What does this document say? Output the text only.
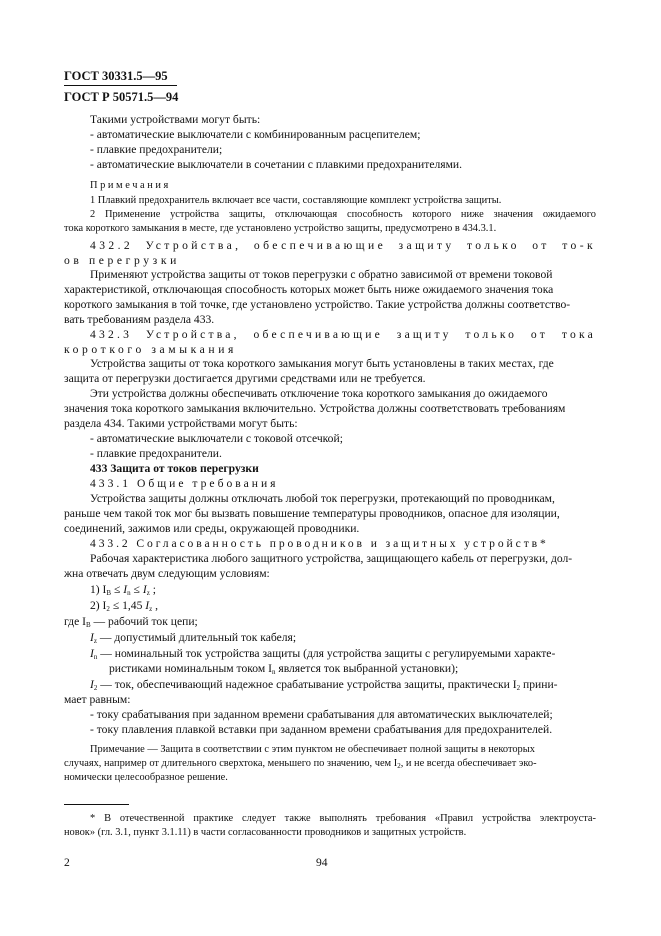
ГОСТ 30331.5—95
ГОСТ Р 50571.5—94
Такими устройствами могут быть:
- автоматические выключатели с комбинированным расцепителем;
- плавкие предохранители;
- автоматические выключатели в сочетании с плавкими предохранителями.
Примечания
1 Плавкий предохранитель включает все части, составляющие комплект устройства защиты.
2 Применение устройства защиты, отключающая способность которого ниже значения ожидаемого
тока короткого замыкания в месте, где установлено устройство защиты, предусмотрено в 434.3.1.
432.2 Устройства, обеспечивающие защиту только от то-к
ов перегрузки
Применяют устройства защиты от токов перегрузки с обратно зависимой от времени токовой
характеристикой, отключающая способность которых может быть ниже ожидаемого значения тока
короткого замыкания в той точке, где установлено устройство. Такие устройства должны соответство-
вать требованиям раздела 433.
432.3 Устройства, обеспечивающие защиту только от тока
короткого замыкания
Устройства защиты от тока короткого замыкания могут быть установлены в таких местах, где
защита от перегрузки достигается другими средствами или не требуется.
Эти устройства должны обеспечивать отключение тока короткого замыкания до ожидаемого
значения тока короткого замыкания включительно. Устройства должны соответствовать требованиям
раздела 434. Такими устройствами могут быть:
- автоматические выключатели с токовой отсечкой;
- плавкие предохранители.
433 Защита от токов перегрузки
433.1 Общие требования
Устройства защиты должны отключать любой ток перегрузки, протекающий по проводникам,
раньше чем такой ток мог бы вызвать повышение температуры проводников, опасное для изоляции,
соединений, зажимов или среды, окружающей проводники.
433.2 Согласованность проводников и защитных устройств*
Рабочая характеристика любого защитного устройства, защищающего кабель от перегрузки, дол-
жна отвечать двум следующим условиям:
1) $I_B \le I_n \le I_z$ ;
2) $I_2 \le 1,45$ $I_z$ ,
где $I_B$ — рабочий ток цепи;
$I_z$ — допустимый длительный ток кабеля;
$I_n$ — номинальный ток устройства защиты (для устройства защиты с регулируемыми характе-
ристиками номинальным током $I_n$ является ток выбранной установки);
$I_2$ — ток, обеспечивающий надежное срабатывание устройства защиты, практически $I_2$ прини-
мает равным:
- току срабатывания при заданном времени срабатывания для автоматических выключателей;
- току плавления плавкой вставки при заданном времени срабатывания для предохранителей.
Примечание — Защита в соответствии с этим пунктом не обеспечивает полной защиты в некоторых
случаях, например от длительного сверхтока, меньшего по значению, чем $I_2$, и не всегда обеспечивает эко-
номически целесообразное решение.
* В отечественной практике следует также выполнять требования «Правил устройства электроуста-
новок» (гл. 3.1, пункт 3.1.11) в части согласованности проводников и защитных устройств.
2	94
